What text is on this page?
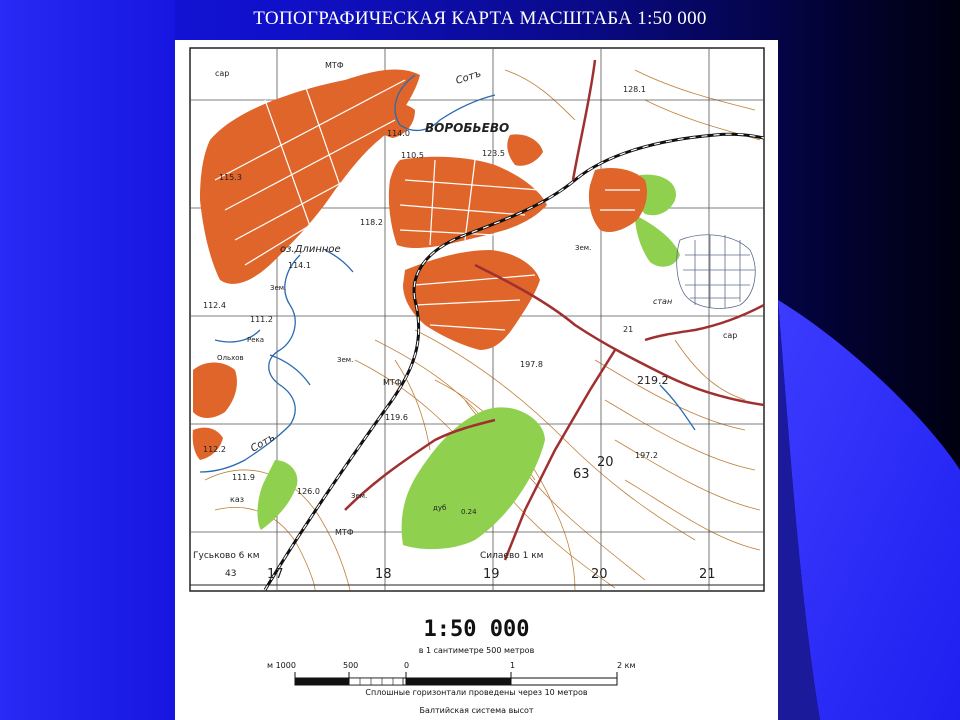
ТОПОГРАФИЧЕСКАЯ КАРТА МАСШТАБА 1:50 000
ВОРОБЬЕВО
оз.Длинное
Сотъ
Сотъ
МТФ
МТФ
МТФ
каз
сар
сар
Зем.
Зем.
Зем.
Зем.
стан
Ольхов
Река
128.1
123.5
118.2
126.0
119.6
114.1
112.4
111.2
112.2
114.0
197.8
219.2
197.2
110.5
111.9
115.3
63
20
21
дуб 0.24
Гуськово 6 км	Силаево 1 км
43 17	18	19	20	21
1:50 000
в 1 сантиметре 500 метров
м 1000	500	0	1	2 км
Сплошные горизонтали проведены через 10 метров
Балтийская система высот
